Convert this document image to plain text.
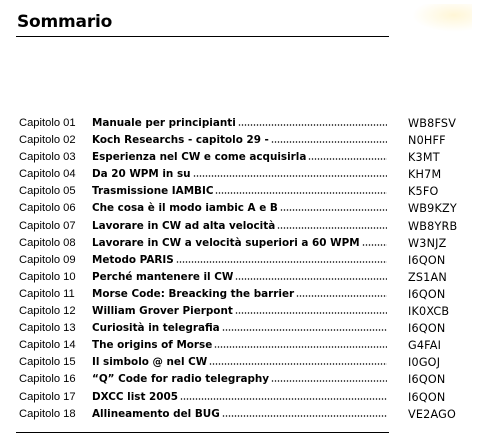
Sommario
Capitolo 01 Manuale per principianti	WB8FSV
Capitolo 02 Koch Researchs - capitolo 29 -	N0HFF
Capitolo 03 Esperienza nel CW e come acquisirla	K3MT
Capitolo 04 Da 20 WPM in su	KH7M
Capitolo 05 Trasmissione IAMBIC	K5FO
Capitolo 06 Che cosa è il modo iambic A e B	WB9KZY
Capitolo 07 Lavorare in CW ad alta velocità	WB8YRB
Capitolo 08 Lavorare in CW a velocità superiori a 60 WPM	W3NJZ
Capitolo 09 Metodo PARIS	I6QON
Capitolo 10 Perché mantenere il CW	ZS1AN
Capitolo 11 Morse Code: Breacking the barrier	I6QON
Capitolo 12 William Grover Pierpont	IK0XCB
Capitolo 13 Curiosità in telegrafia	I6QON
Capitolo 14 The origins of Morse	G4FAI
Capitolo 15 Il simbolo @ nel CW	I0GOJ
Capitolo 16 “Q” Code for radio telegraphy	I6QON
Capitolo 17 DXCC list 2005	I6QON
Capitolo 18 Allineamento del BUG	VE2AGO
